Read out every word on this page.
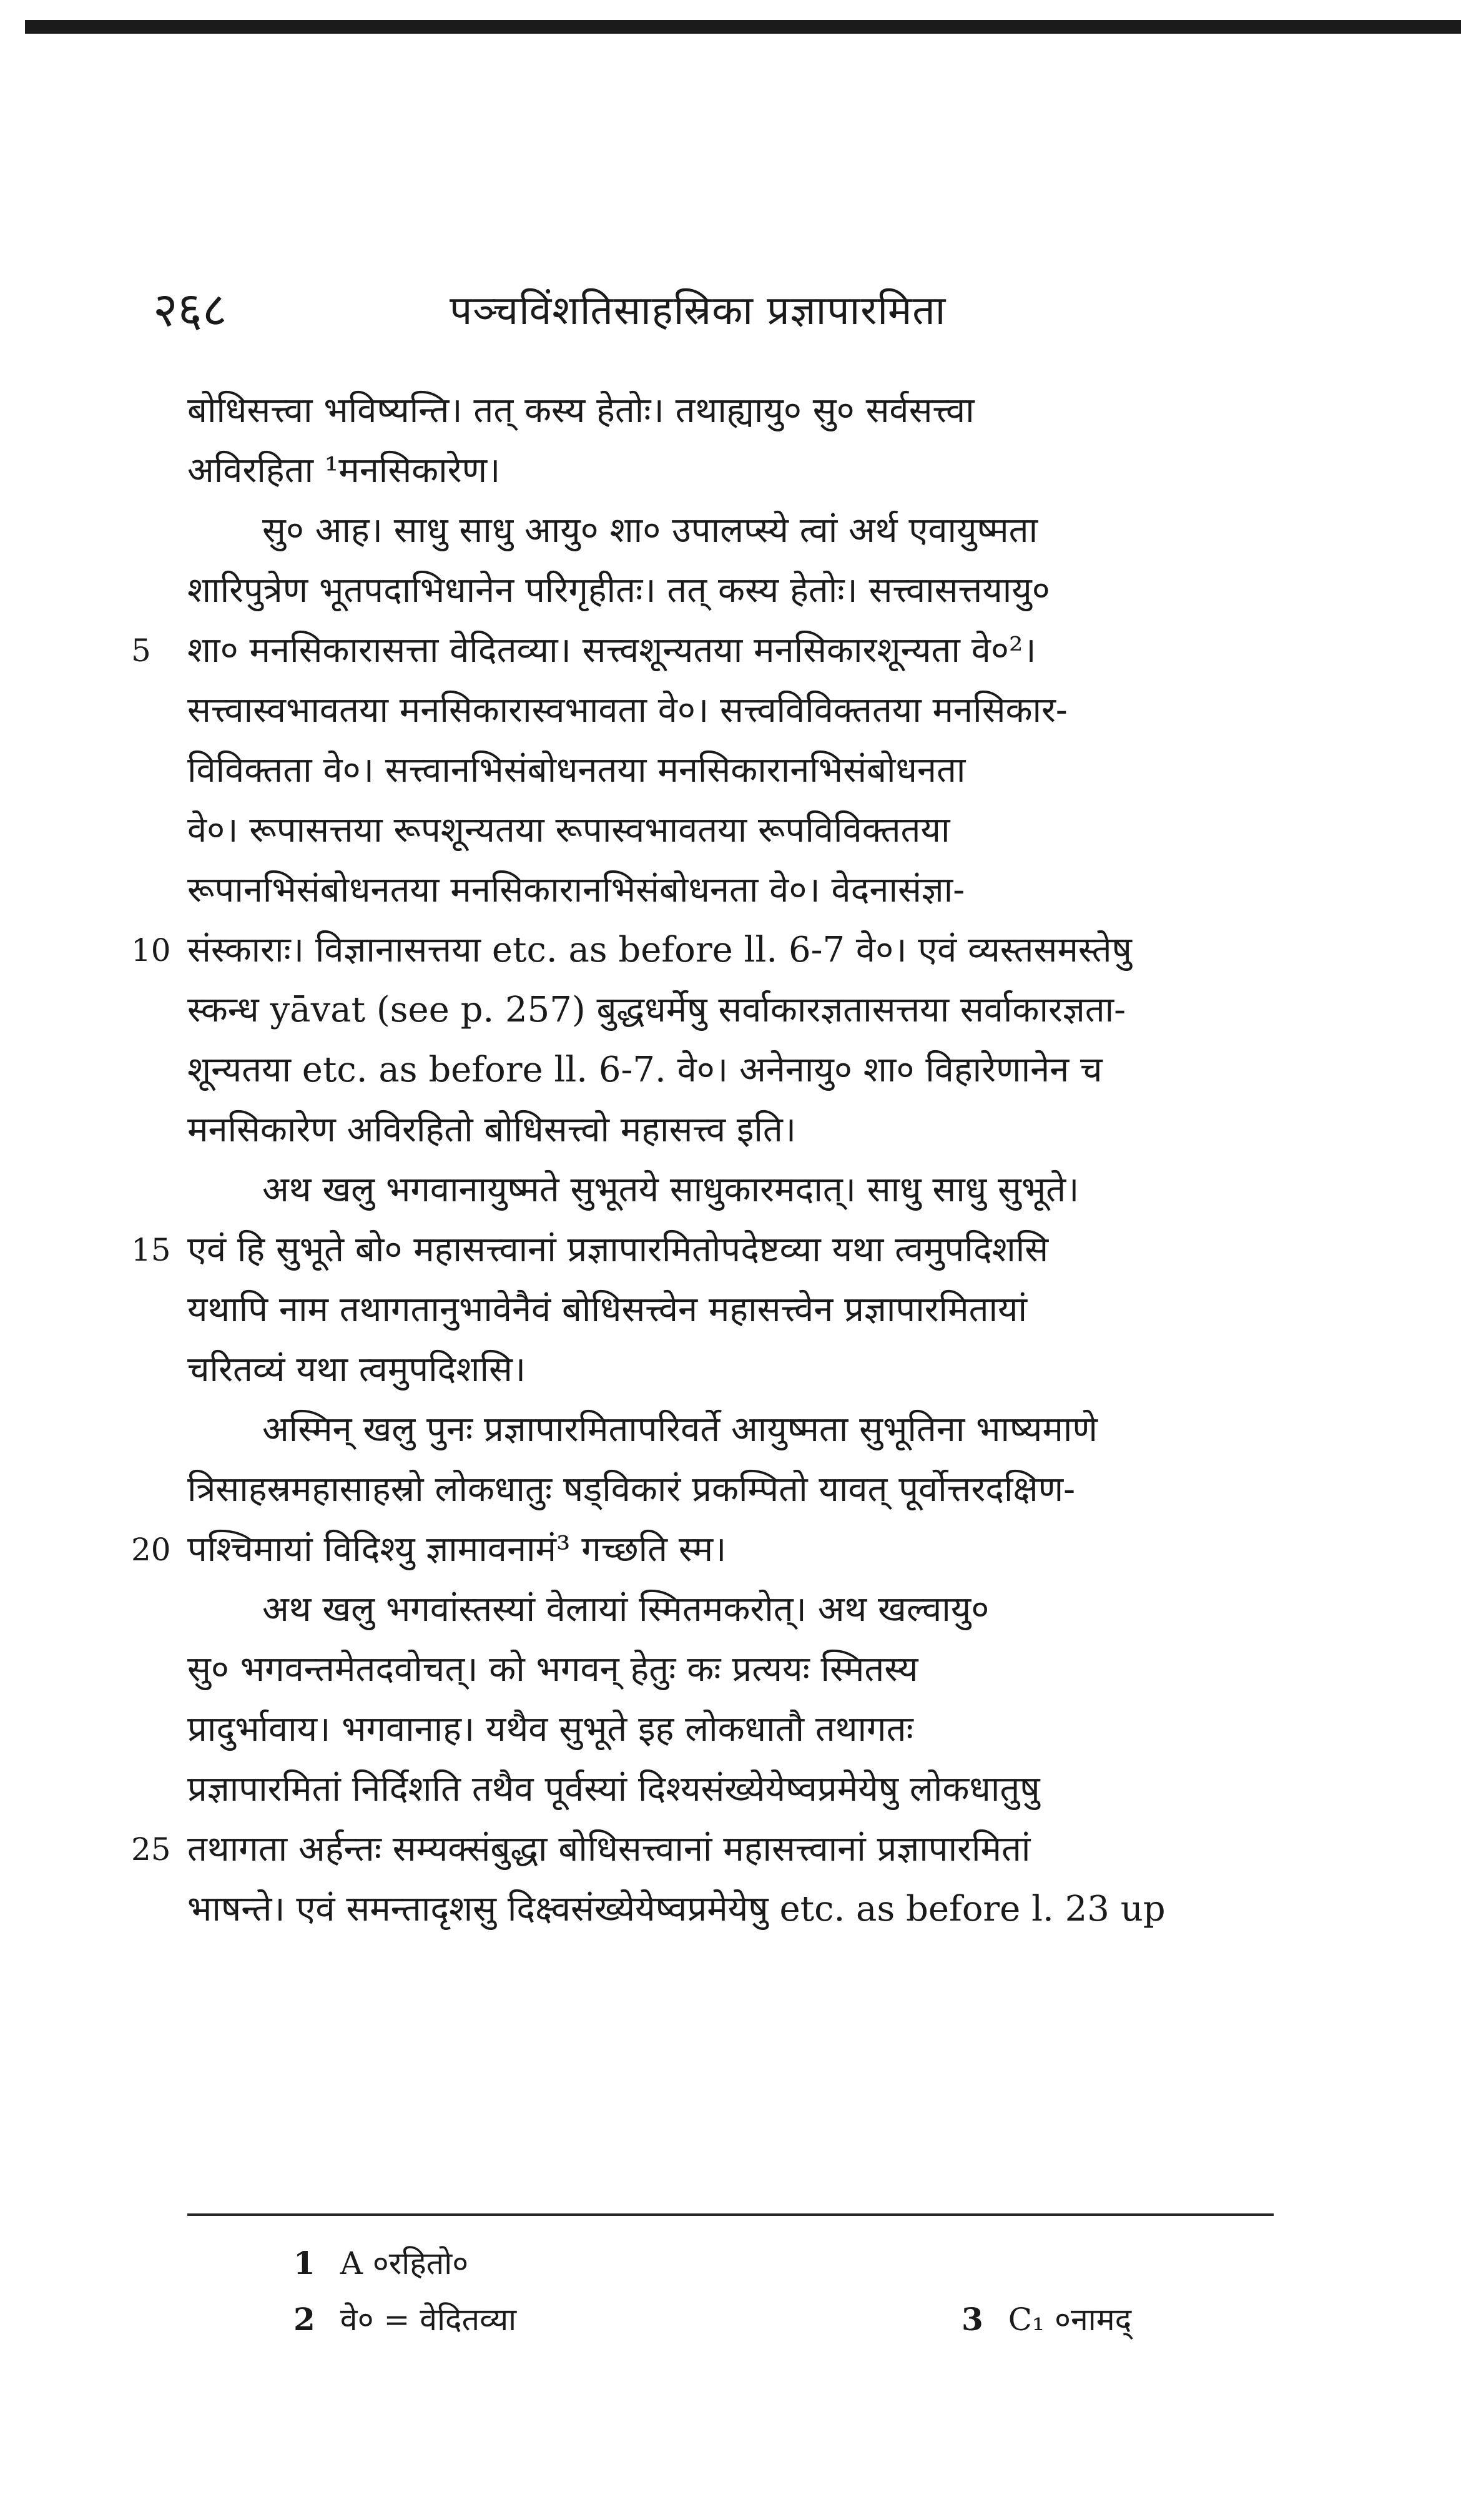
२६८	पञ्चविंशतिसाहस्रिका प्रज्ञापारमिता
बोधिसत्त्वा भविष्यन्ति। तत् कस्य हेतोः। तथाह्यायु० सु० सर्वसत्त्वा
अविरहिता ¹मनसिकारेण।
सु० आह। साधु साधु आयु० शा० उपालप्स्ये त्वां अर्थ एवायुष्मता
शारिपुत्रेण भूतपदाभिधानेन परिगृहीतः। तत् कस्य हेतोः। सत्त्वासत्तयायु०
5	शा० मनसिकारासत्ता वेदितव्या। सत्त्वशून्यतया मनसिकारशून्यता वे०²।
सत्त्वास्वभावतया मनसिकारास्वभावता वे०। सत्त्वविविक्ततया मनसिकार-
विविक्तता वे०। सत्त्वानभिसंबोधनतया मनसिकारानभिसंबोधनता
वे०। रूपासत्तया रूपशून्यतया रूपास्वभावतया रूपविविक्ततया
रूपानभिसंबोधनतया मनसिकारानभिसंबोधनता वे०। वेदनासंज्ञा-
10 संस्काराः। विज्ञानासत्तया etc. as before ll. 6-7 वे०। एवं व्यस्तसमस्तेषु
स्कन्ध yāvat (see p. 257) बुद्धधर्मेषु सर्वाकारज्ञतासत्तया सर्वाकारज्ञता-
शून्यतया etc. as before ll. 6-7. वे०। अनेनायु० शा० विहारेणानेन च
मनसिकारेण अविरहितो बोधिसत्त्वो महासत्त्व इति।
अथ खलु भगवानायुष्मते सुभूतये साधुकारमदात्। साधु साधु सुभूते।
15 एवं हि सुभूते बो० महासत्त्वानां प्रज्ञापारमितोपदेष्टव्या यथा त्वमुपदिशसि
यथापि नाम तथागतानुभावेनैवं बोधिसत्त्वेन महासत्त्वेन प्रज्ञापारमितायां
चरितव्यं यथा त्वमुपदिशसि।
अस्मिन् खलु पुनः प्रज्ञापारमितापरिवर्ते आयुष्मता सुभूतिना भाष्यमाणे
त्रिसाहस्रमहासाहस्रो लोकधातुः षड्विकारं प्रकम्पितो यावत् पूर्वोत्तरदक्षिण-
20 पश्चिमायां विदिश्यु ज्ञामावनामं³ गच्छति स्म।
अथ खलु भगवांस्तस्यां वेलायां स्मितमकरोत्। अथ खल्वायु०
सु० भगवन्तमेतदवोचत्। को भगवन् हेतुः कः प्रत्ययः स्मितस्य
प्रादुर्भावाय। भगवानाह। यथैव सुभूते इह लोकधातौ तथागतः
प्रज्ञापारमितां निर्दिशति तथैव पूर्वस्यां दिश्यसंख्येयेष्वप्रमेयेषु लोकधातुषु
25 तथागता अर्हन्तः सम्यक्संबुद्धा बोधिसत्त्वानां महासत्त्वानां प्रज्ञापारमितां
भाषन्ते। एवं समन्तादृशसु दिक्ष्वसंख्येयेष्वप्रमेयेषु etc. as before l. 23 up
1 A ०रहितो०
2 वे० = वेदितव्या	3 C₁ ०नामद्
